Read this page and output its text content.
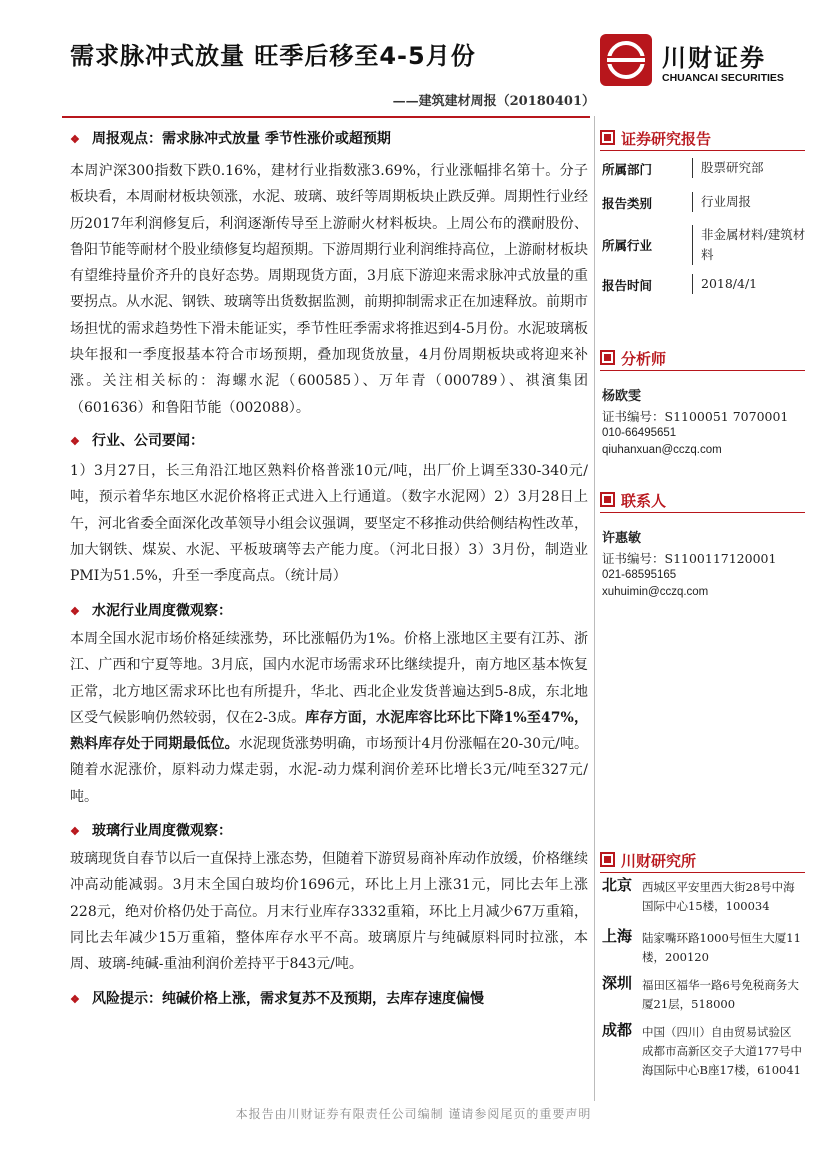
需求脉冲式放量 旺季后移至4-5月份
——建筑建材周报（20180401）
川财证券
CHUANCAI SECURITIES
❖ 周报观点：需求脉冲式放量 季节性涨价或超预期
本周沪深300指数下跌0.16%，建材行业指数涨3.69%，行业涨幅排名第十。分子板块看，本周耐材板块领涨，水泥、玻璃、玻纤等周期板块止跌反弹。周期性行业经历2017年利润修复后，利润逐渐传导至上游耐火材料板块。上周公布的濮耐股份、鲁阳节能等耐材个股业绩修复均超预期。下游周期行业利润维持高位，上游耐材板块有望维持量价齐升的良好态势。周期现货方面，3月底下游迎来需求脉冲式放量的重要拐点。从水泥、钢铁、玻璃等出货数据监测，前期抑制需求正在加速释放。前期市场担忧的需求趋势性下滑未能证实，季节性旺季需求将推迟到4-5月份。水泥玻璃板块年报和一季度报基本符合市场预期，叠加现货放量，4月份周期板块或将迎来补涨。关注相关标的：海螺水泥（600585）、万年青（000789）、祺濱集团（601636）和鲁阳节能（002088）。
❖ 行业、公司要闻：
1）3月27日，长三角沿江地区熟料价格普涨10元/吨，出厂价上调至330-340元/吨，预示着华东地区水泥价格将正式进入上行通道。（数字水泥网）2）3月28日上午，河北省委全面深化改革领导小组会议强调，要坚定不移推动供给侧结构性改革，加大钢铁、煤炭、水泥、平板玻璃等去产能力度。（河北日报）3）3月份，制造业PMI为51.5%，升至一季度高点。（统计局）
❖ 水泥行业周度微观察：
本周全国水泥市场价格延续涨势，环比涨幅仍为1%。价格上涨地区主要有江苏、浙江、广西和宁夏等地。3月底，国内水泥市场需求环比继续提升，南方地区基本恢复正常，北方地区需求环比也有所提升，华北、西北企业发货普遍达到5-8成，东北地区受气候影响仍然较弱，仅在2-3成。库存方面，水泥库容比环比下降1%至47%，熟料库存处于同期最低位。水泥现货涨势明确，市场预计4月份涨幅在20-30元/吨。随着水泥涨价，原料动力煤走弱，水泥-动力煤利润价差环比增长3元/吨至327元/吨。
❖ 玻璃行业周度微观察：
玻璃现货自春节以后一直保持上涨态势，但随着下游贸易商补库动作放缓，价格继续冲高动能减弱。3月末全国白玻均价1696元，环比上月上涨31元，同比去年上涨228元，绝对价格仍处于高位。月末行业库存3332重箱，环比上月减少67万重箱，同比去年减少15万重箱，整体库存水平不高。玻璃原片与纯碱原料同时拉涨，本周、玻璃-纯碱-重油利润价差持平于843元/吨。
❖ 风险提示：纯碱价格上涨，需求复苏不及预期，去库存速度偏慢
证券研究报告
所属部门	股票研究部
报告类别	行业周报
所属行业
非金属材料/建筑材料
报告时间	2018/4/1
分析师
杨欧雯
证书编号：S1100051 7070001
010-66495651
qiuhanxuan@cczq.com
联系人
许惠敏
证书编号：S1100117120001
021-68595165
xuhuimin@cczq.com
川财研究所
北京 西城区平安里西大街28号中海国际中心15楼，100034
上海 陆家嘴环路1000号恒生大厦11楼，200120
深圳 福田区福华一路6号免税商务大厦21层，518000
成都 中国（四川）自由贸易试验区成都市高新区交子大道177号中海国际中心B座17楼，610041
本报告由川财证券有限责任公司编制 谨请参阅尾页的重要声明
